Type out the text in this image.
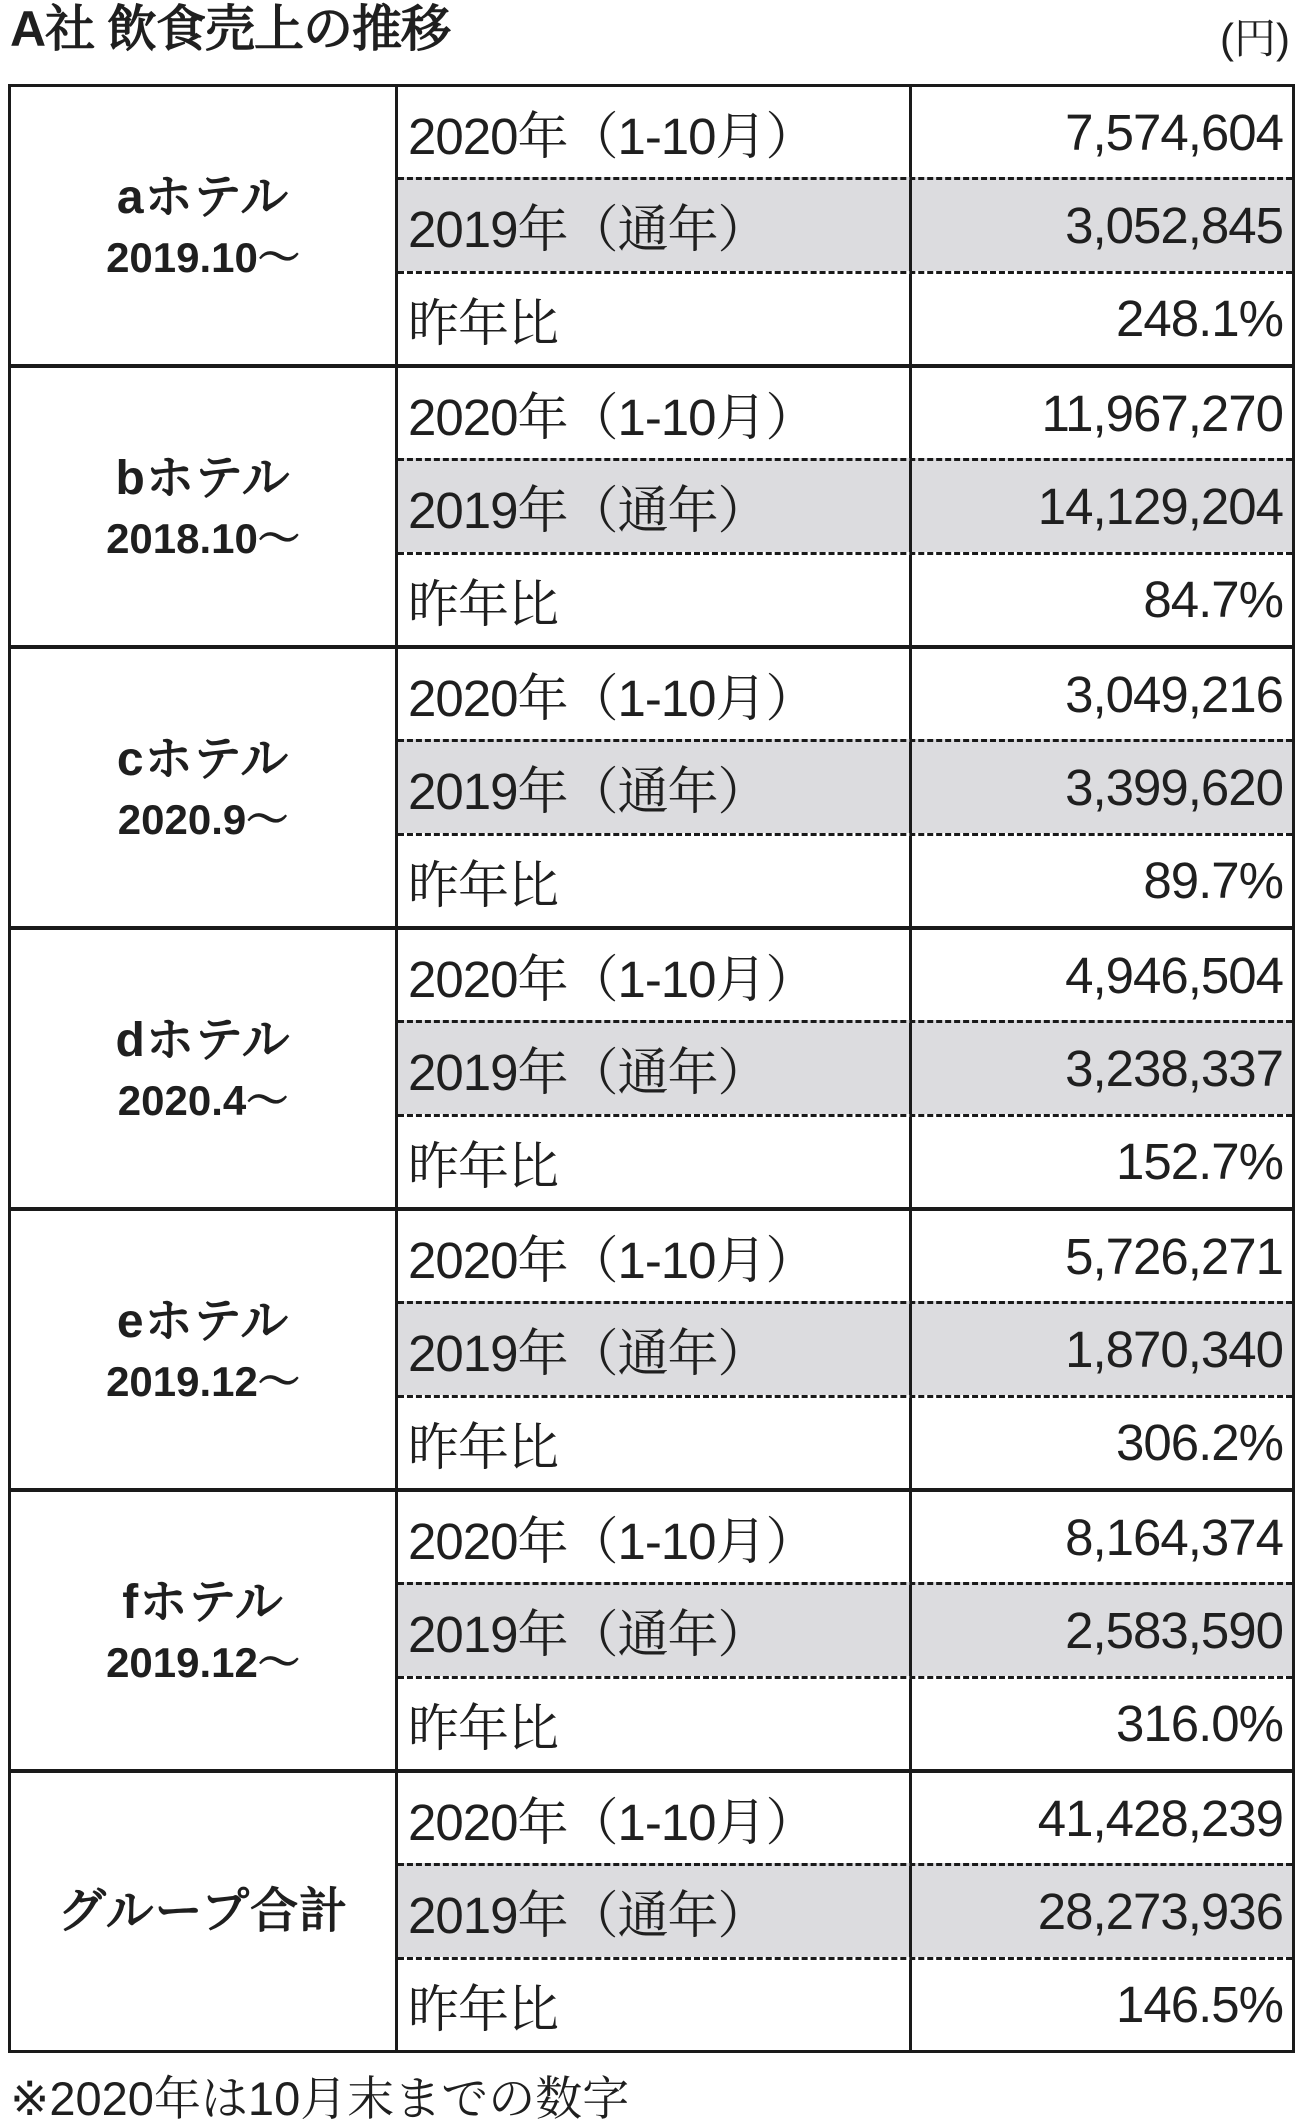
A社 飲食売上の推移	(円)
aホテル
2019.10～
2020年（1-10月）	7,574,604
2019年（通年）	3,052,845
昨年比	248.1%
bホテル
2018.10～
2020年（1-10月）	11,967,270
2019年（通年）	14,129,204
昨年比	84.7%
cホテル
2020.9～
2020年（1-10月）	3,049,216
2019年（通年）	3,399,620
昨年比	89.7%
dホテル
2020.4～
2020年（1-10月）	4,946,504
2019年（通年）	3,238,337
昨年比	152.7%
eホテル
2019.12～
2020年（1-10月）	5,726,271
2019年（通年）	1,870,340
昨年比	306.2%
fホテル
2019.12～
2020年（1-10月）	8,164,374
2019年（通年）	2,583,590
昨年比	316.0%
グループ合計
2020年（1-10月）	41,428,239
2019年（通年）	28,273,936
昨年比	146.5%
※2020年は10月末までの数字
